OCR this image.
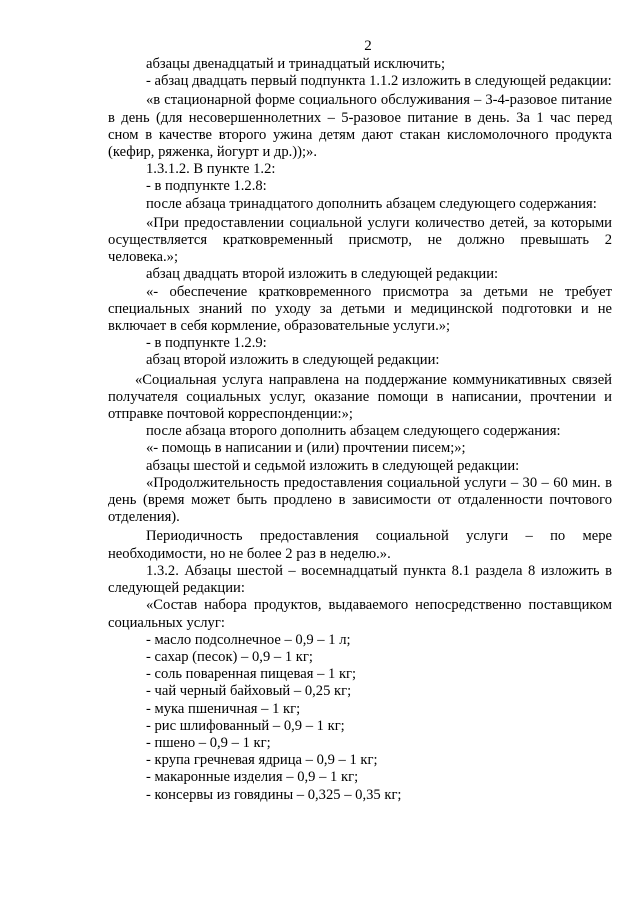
2

абзацы двенадцатый и тринадцатый исключить;

- абзац двадцать первый подпункта 1.1.2 изложить в следующей редакции:

«в стационарной форме социального обслуживания – 3-4-разовое питание в день (для несовершеннолетних – 5-разовое питание в день. За 1 час перед сном в качестве второго ужина детям дают стакан кисломолочного продукта (кефир, ряженка, йогурт и др.));».

1.3.1.2. В пункте 1.2:

- в подпункте 1.2.8:

после абзаца тринадцатого дополнить абзацем следующего содержания:

«При предоставлении социальной услуги количество детей, за которыми осуществляется кратковременный присмотр, не должно превышать 2 человека.»;

абзац двадцать второй изложить в следующей редакции:

«- обеспечение кратковременного присмотра за детьми не требует специальных знаний по уходу за детьми и медицинской подготовки и не включает в себя кормление, образовательные услуги.»;

- в подпункте 1.2.9:

абзац второй изложить в следующей редакции:

«Социальная услуга направлена на поддержание коммуникативных связей получателя социальных услуг, оказание помощи в написании, прочтении и отправке почтовой корреспонденции:»;

после абзаца второго дополнить абзацем следующего содержания:

«- помощь в написании и (или) прочтении писем;»;

абзацы шестой и седьмой изложить в следующей редакции:

«Продолжительность предоставления социальной услуги – 30 – 60 мин. в день (время может быть продлено в зависимости от отдаленности почтового отделения).

Периодичность предоставления социальной услуги – по мере необходимости, но не более 2 раз в неделю.».

1.3.2. Абзацы шестой – восемнадцатый пункта 8.1 раздела 8 изложить в следующей редакции:

«Состав набора продуктов, выдаваемого непосредственно поставщиком социальных услуг:

- масло подсолнечное – 0,9 – 1 л;

- сахар (песок) – 0,9 – 1 кг;

- соль поваренная пищевая – 1 кг;

- чай черный байховый – 0,25 кг;

- мука пшеничная – 1 кг;

- рис шлифованный – 0,9 – 1 кг;

- пшено – 0,9 – 1 кг;

- крупа гречневая ядрица – 0,9 – 1 кг;

- макаронные изделия – 0,9 – 1 кг;

- консервы из говядины – 0,325 – 0,35 кг;
